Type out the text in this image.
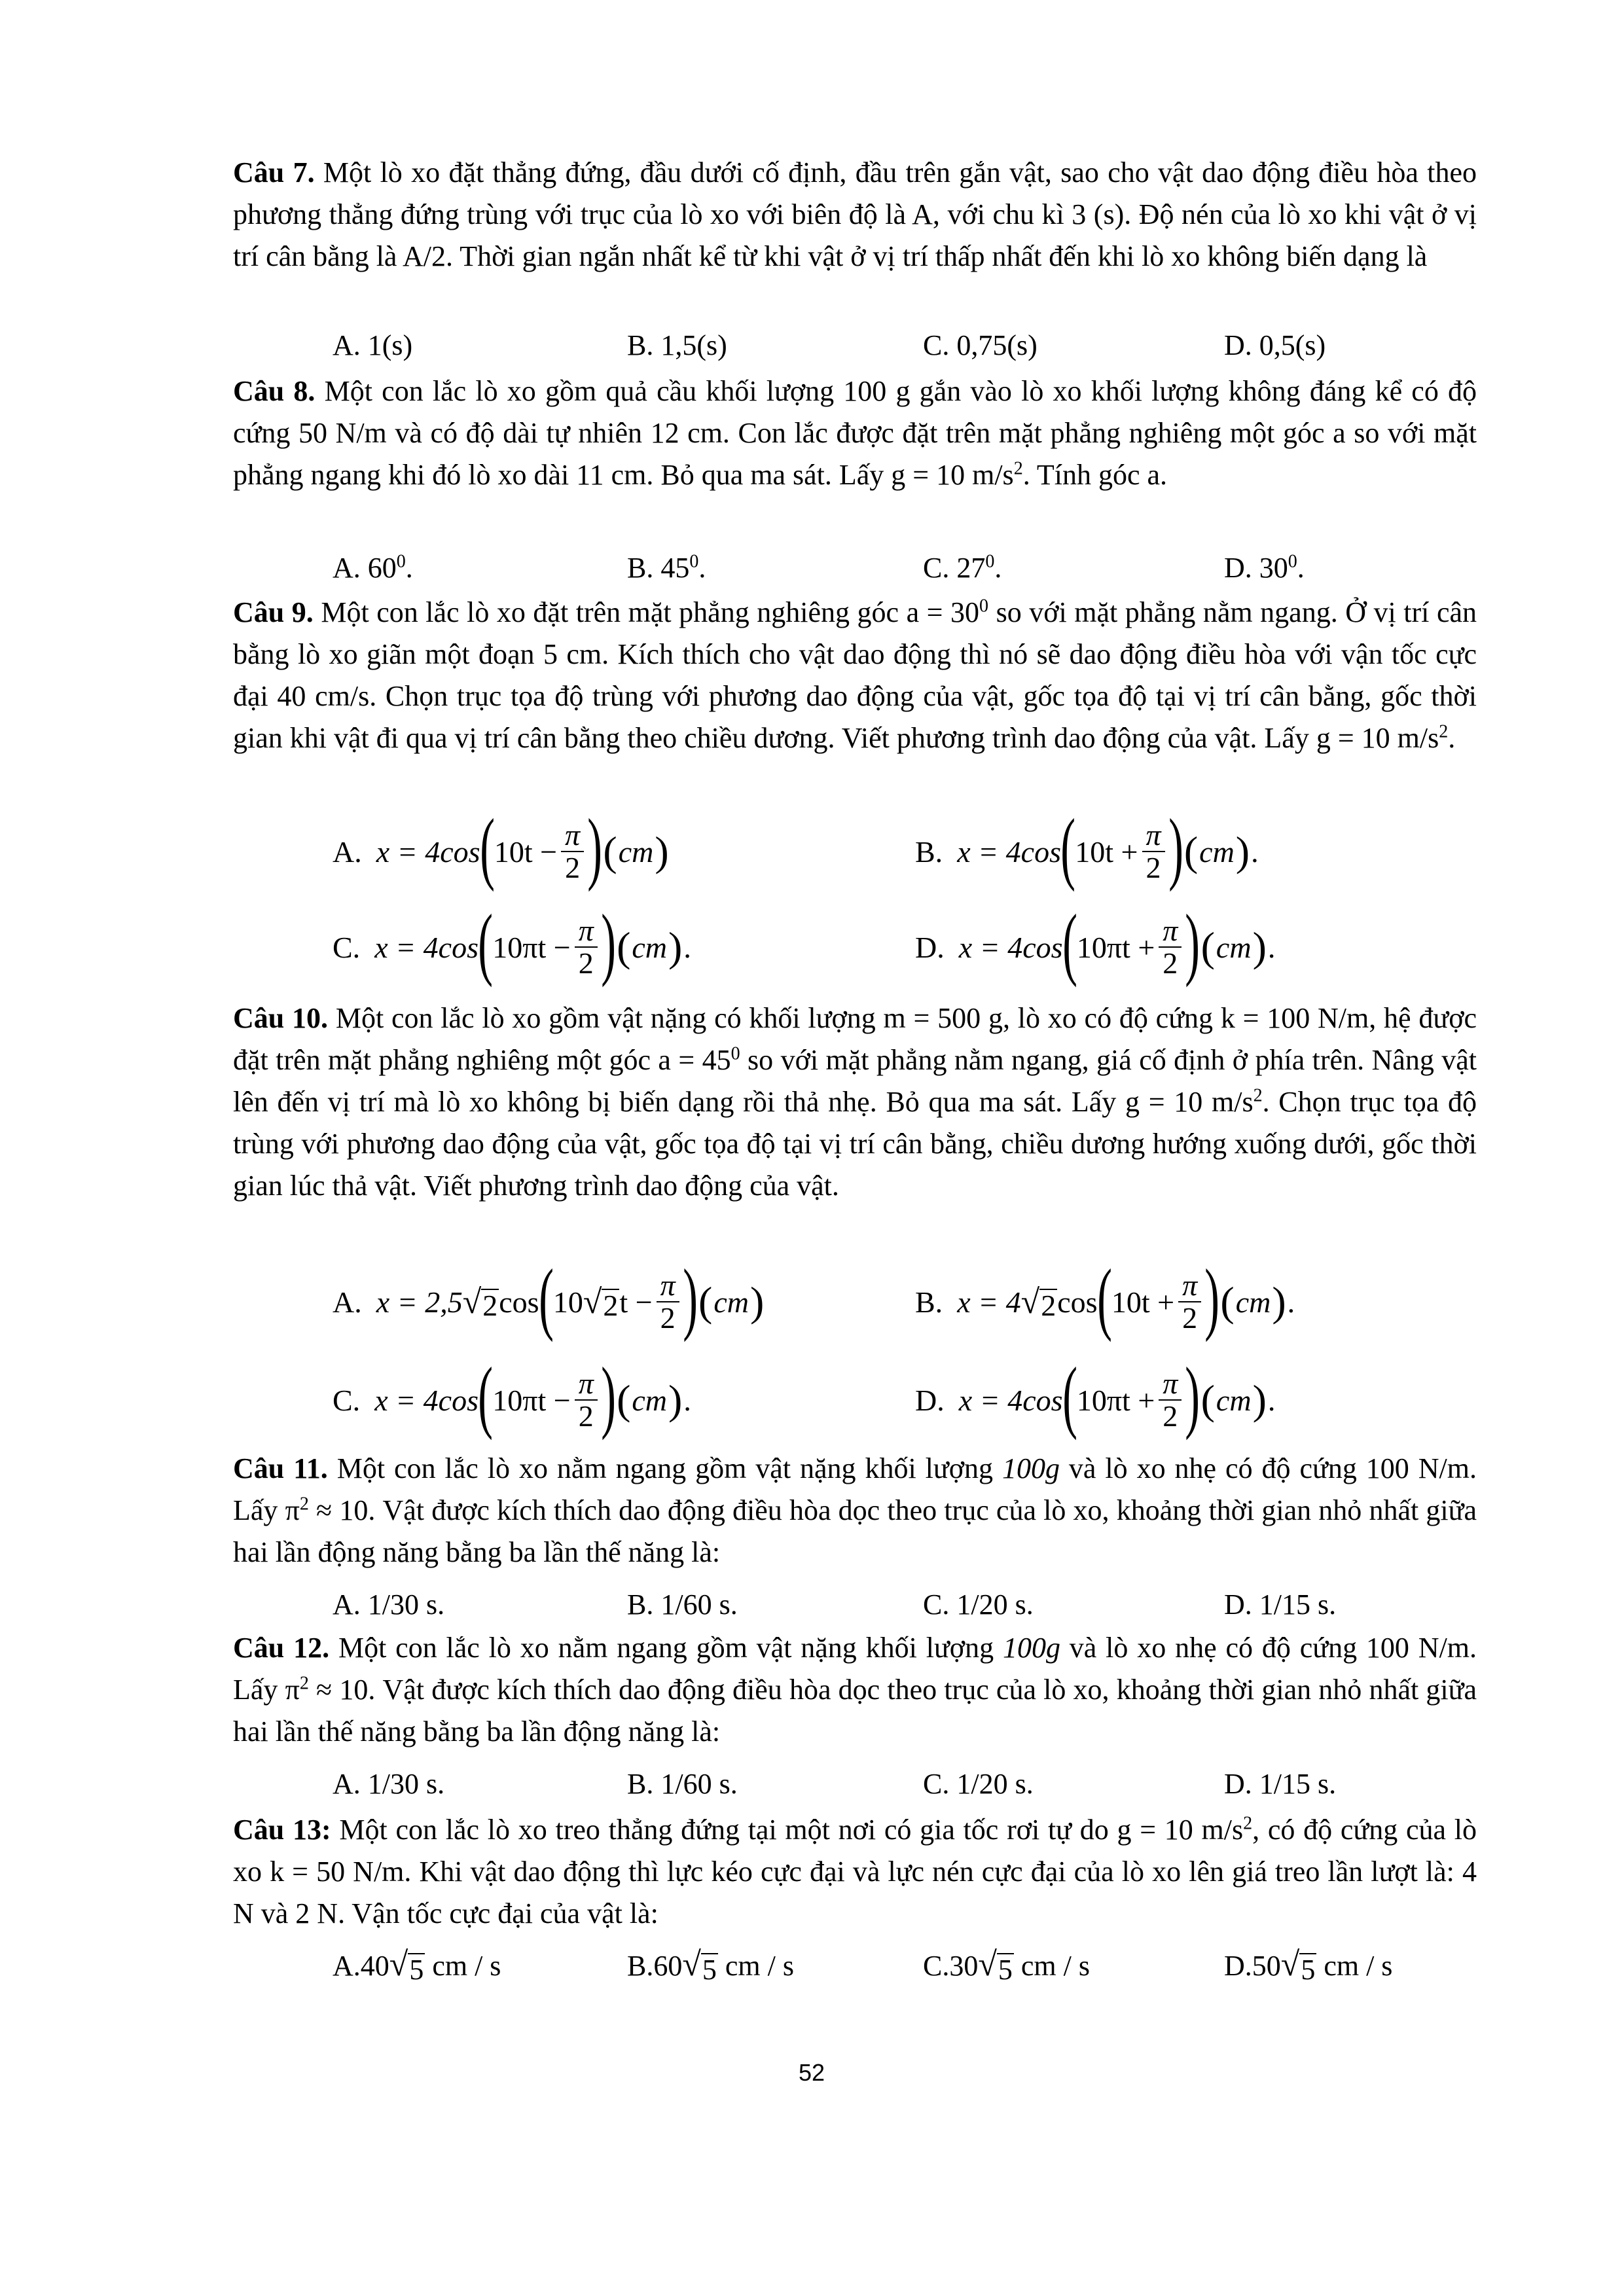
Câu 7. Một lò xo đặt thẳng đứng, đầu dưới cố định, đầu trên gắn vật, sao cho vật dao động điều hòa theo phương thẳng đứng trùng với trục của lò xo với biên độ là A, với chu kì 3 (s). Độ nén của lò xo khi vật ở vị trí cân bằng là A/2. Thời gian ngắn nhất kể từ khi vật ở vị trí thấp nhất đến khi lò xo không biến dạng là
A. 1(s)	B. 1,5(s)	C. 0,75(s)	D. 0,5(s)
Câu 8. Một con lắc lò xo gồm quả cầu khối lượng 100 g gắn vào lò xo khối lượng không đáng kể có độ cứng 50 N/m và có độ dài tự nhiên 12 cm. Con lắc được đặt trên mặt phẳng nghiêng một góc a so với mặt phẳng ngang khi đó lò xo dài 11 cm. Bỏ qua ma sát. Lấy g = 10 $m/s^2$. Tính góc a.
A. $60^0$.	B. $45^0$.	C. $27^0$.	D. $30^0$.
Câu 9. Một con lắc lò xo đặt trên mặt phẳng nghiêng góc $a = 30^0$ so với mặt phẳng nằm ngang. Ở vị trí cân bằng lò xo giãn một đoạn 5 cm. Kích thích cho vật dao động thì nó sẽ dao động điều hòa với vận tốc cực đại 40 cm/s. Chọn trục tọa độ trùng với phương dao động của vật, gốc tọa độ tại vị trí cân bằng, gốc thời gian khi vật đi qua vị trí cân bằng theo chiều dương. Viết phương trình dao động của vật. Lấy g = 10 $m/s^2$.
A. x = 4cos ( $10t - \frac{\pi}{2}$ ) ( cm )	B. x = 4cos ( $10t + \frac{\pi}{2}$ ) ( cm ) .
C. x = 4cos ( $10\pi t - \frac{\pi}{2}$ ) ( cm ) .	D. x = 4cos ( $10\pi t + \frac{\pi}{2}$ ) ( cm ) .
Câu 10. Một con lắc lò xo gồm vật nặng có khối lượng m = 500 g, lò xo có độ cứng k = 100 N/m, hệ được đặt trên mặt phẳng nghiêng một góc $a = 45^0$ so với mặt phẳng nằm ngang, giá cố định ở phía trên. Nâng vật lên đến vị trí mà lò xo không bị biến dạng rồi thả nhẹ. Bỏ qua ma sát. Lấy g = 10 $m/s^2$. Chọn trục tọa độ trùng với phương dao động của vật, gốc tọa độ tại vị trí cân bằng, chiều dương hướng xuống dưới, gốc thời gian lúc thả vật. Viết phương trình dao động của vật.
A. x = 2,5 √ 2 cos ( 10 √ 2 $t - \frac{\pi}{2}$ ) ( cm )	B. x = 4 √ 2 cos ( $10t + \frac{\pi}{2}$ ) ( cm ) .
C. x = 4cos ( $10\pi t - \frac{\pi}{2}$ ) ( cm ) .	D. x = 4cos ( $10\pi t + \frac{\pi}{2}$ ) ( cm ) .
Câu 11. Một con lắc lò xo nằm ngang gồm vật nặng khối lượng 100g và lò xo nhẹ có độ cứng 100 N/m. Lấy $\pi^2 \approx 10$. Vật được kích thích dao động điều hòa dọc theo trục của lò xo, khoảng thời gian nhỏ nhất giữa hai lần động năng bằng ba lần thế năng là:
A. 1/30 s.	B. 1/60 s.	C. 1/20 s.	D. 1/15 s.
Câu 12. Một con lắc lò xo nằm ngang gồm vật nặng khối lượng 100g và lò xo nhẹ có độ cứng 100 N/m. Lấy $\pi^2 \approx 10$. Vật được kích thích dao động điều hòa dọc theo trục của lò xo, khoảng thời gian nhỏ nhất giữa hai lần thế năng bằng ba lần động năng là:
A. 1/30 s.	B. 1/60 s.	C. 1/20 s.	D. 1/15 s.
Câu 13: Một con lắc lò xo treo thẳng đứng tại một nơi có gia tốc rơi tự do g = 10 $m/s^2$, có độ cứng của lò xo k = 50 N/m. Khi vật dao động thì lực kéo cực đại và lực nén cực đại của lò xo lên giá treo lần lượt là: 4 N và 2 N. Vận tốc cực đại của vật là:
A.40 √ 5 cm / s	B.60 √ 5 cm / s	C.30 √ 5 cm / s	D.50 √ 5 cm / s
52
